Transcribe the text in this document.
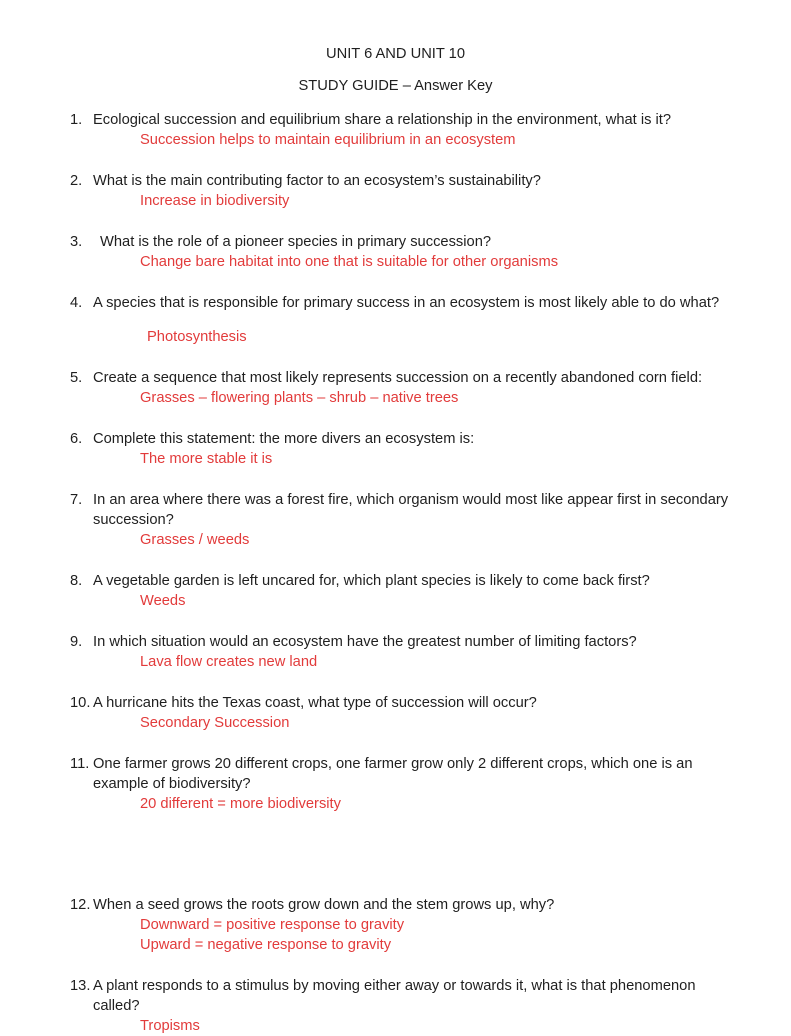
UNIT 6 AND UNIT 10
STUDY GUIDE – Answer Key
1. Ecological succession and equilibrium share a relationship in the environment, what is it?
Succession helps to maintain equilibrium in an ecosystem
2. What is the main contributing factor to an ecosystem’s sustainability?
Increase in biodiversity
3.	What is the role of a pioneer species in primary succession?
Change bare habitat into one that is suitable for other organisms
4. A species that is responsible for primary success in an ecosystem is most likely able to do what?
Photosynthesis
5. Create a sequence that most likely represents succession on a recently abandoned corn field:
Grasses – flowering plants – shrub – native trees
6. Complete this statement: the more divers an ecosystem is:
The more stable it is
7. In an area where there was a forest fire, which organism would most like appear first in secondary succession?
Grasses / weeds
8. A vegetable garden is left uncared for, which plant species is likely to come back first?
Weeds
9. In which situation would an ecosystem have the greatest number of limiting factors?
Lava flow creates new land
10. A hurricane hits the Texas coast, what type of succession will occur?
Secondary Succession
11. One farmer grows 20 different crops, one farmer grow only 2 different crops, which one is an example of biodiversity?
20 different = more biodiversity
12. When a seed grows the roots grow down and the stem grows up, why?
Downward = positive response to gravity
Upward = negative response to gravity
13. A plant responds to a stimulus by moving either away or towards it, what is that phenomenon called?
Tropisms
